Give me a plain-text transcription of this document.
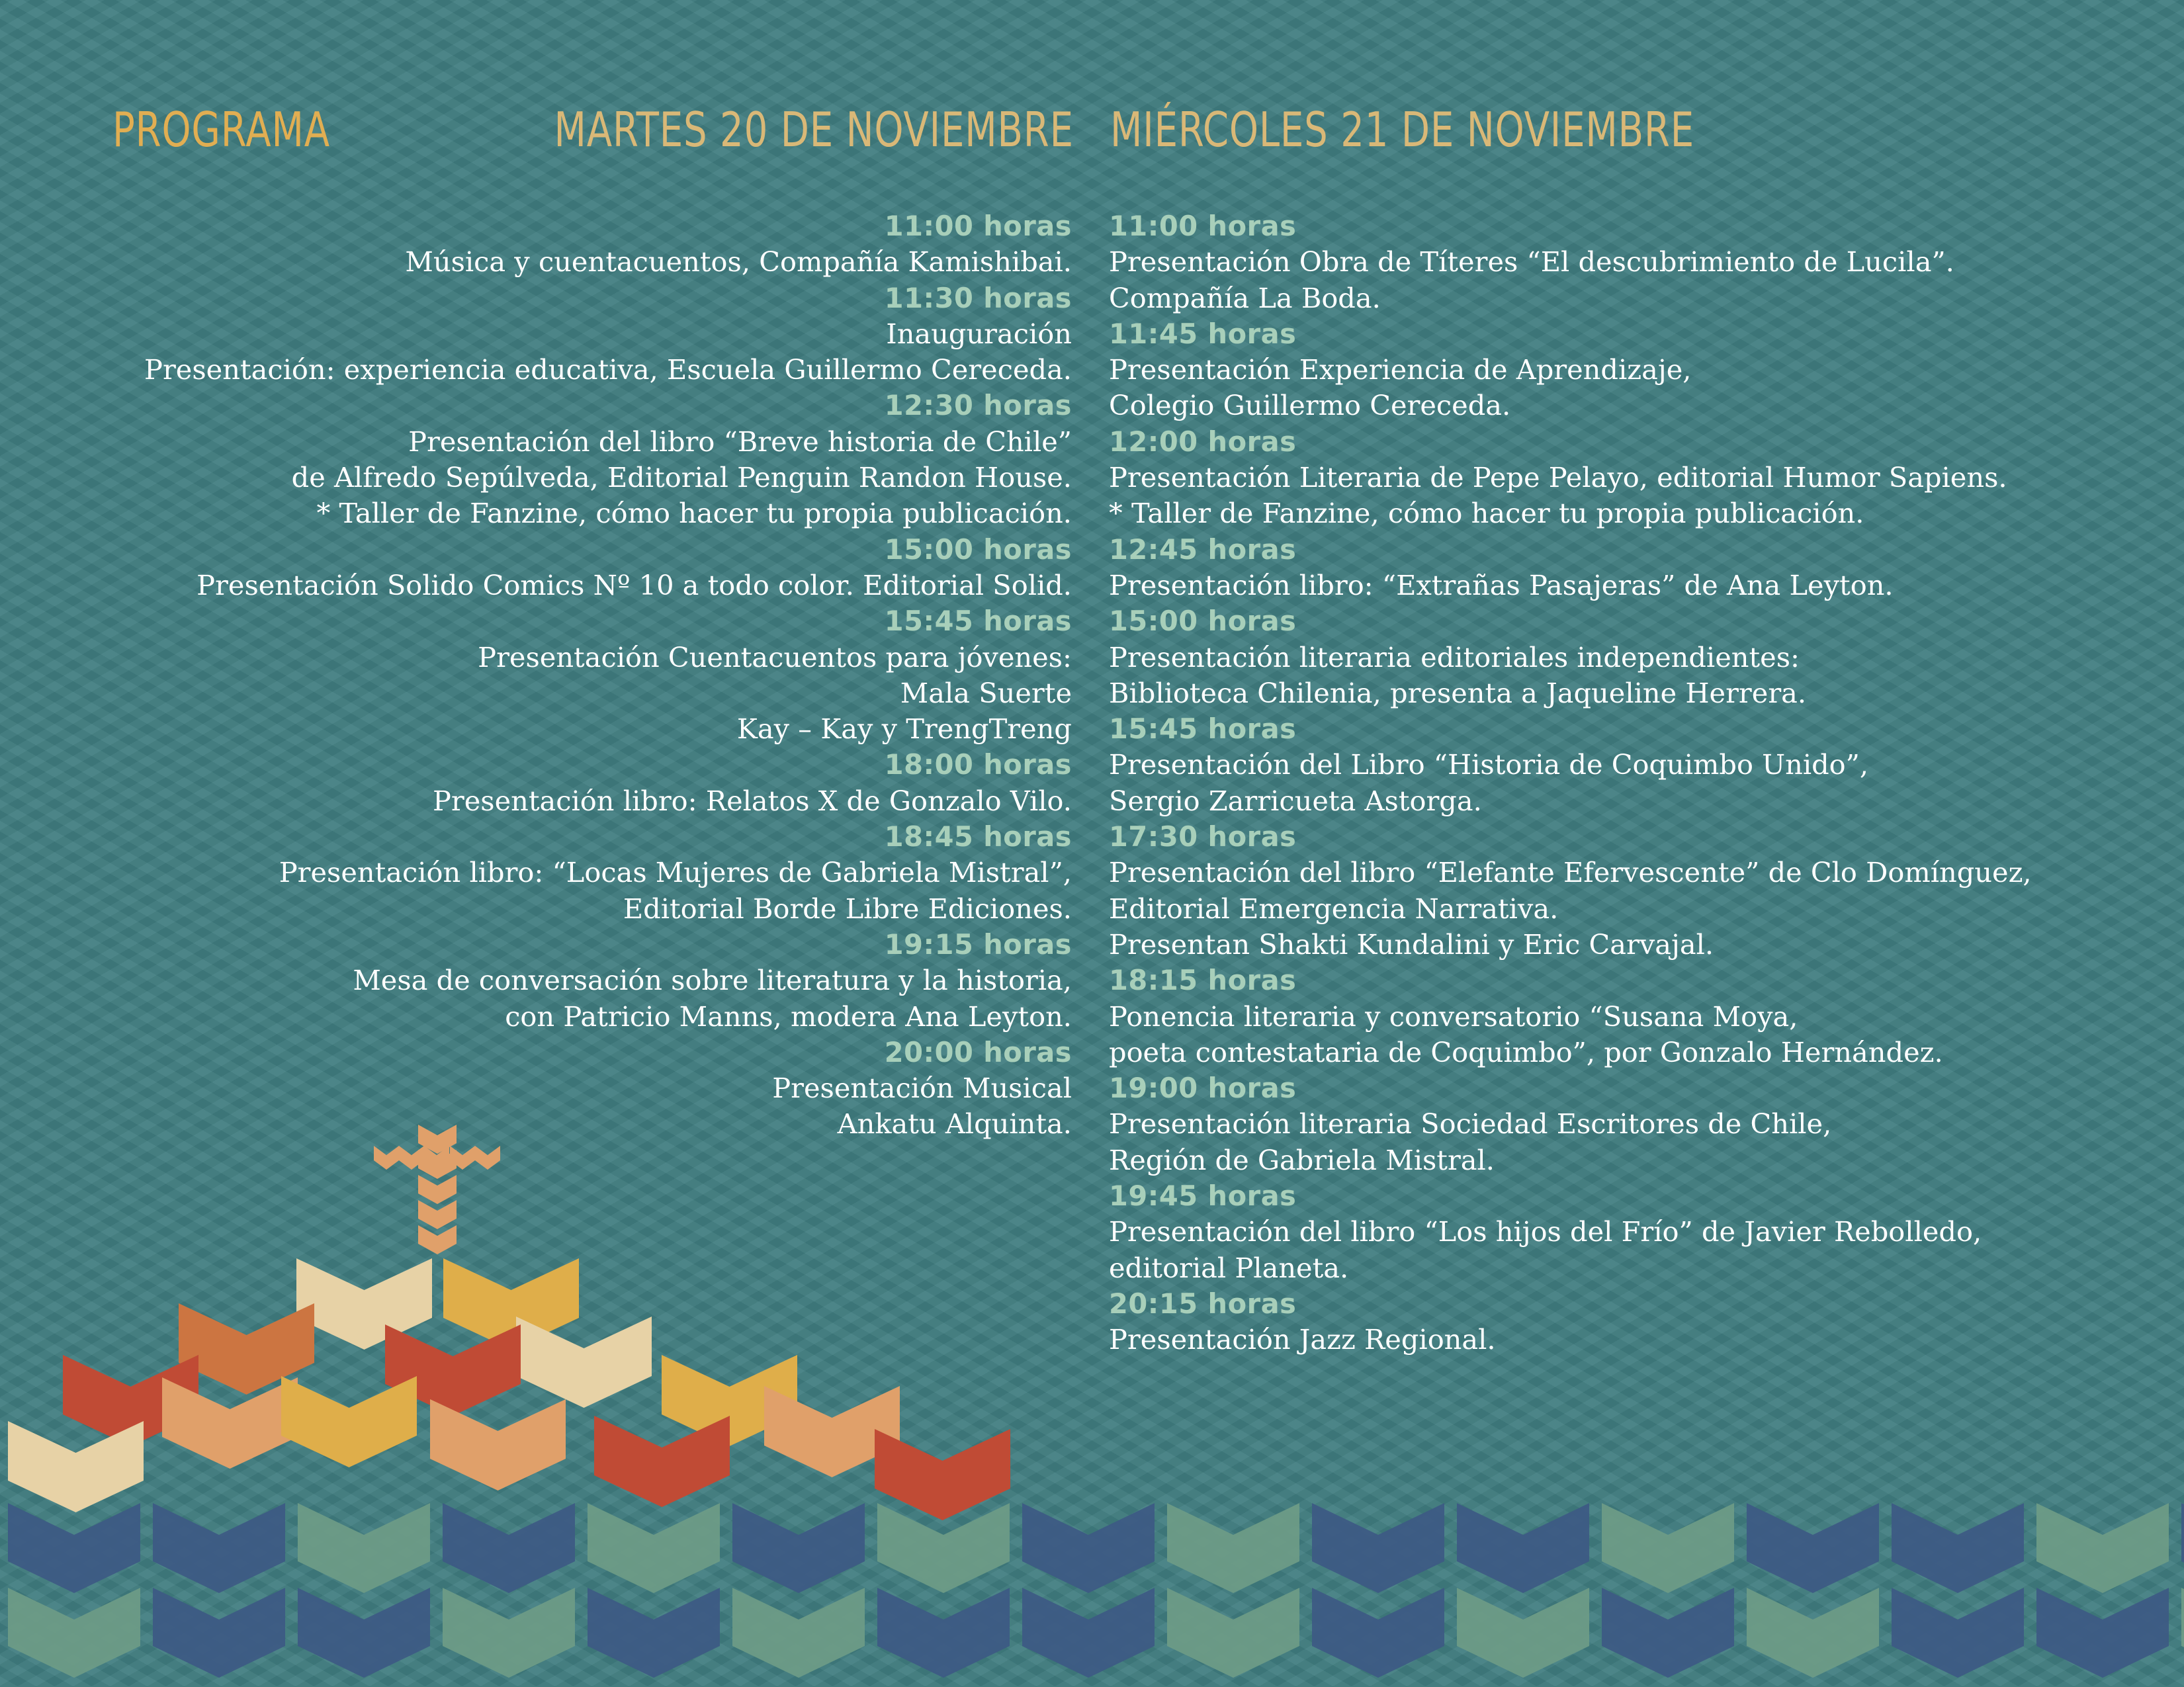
PROGRAMA	MARTES 20 DE NOVIEMBRE MIÉRCOLES 21 DE NOVIEMBRE
11:00 horas
Música y cuentacuentos, Compañía Kamishibai.
11:30 horas
Inauguración
Presentación: experiencia educativa, Escuela Guillermo Cereceda.
12:30 horas
Presentación del libro “Breve historia de Chile”
de Alfredo Sepúlveda, Editorial Penguin Randon House.
* Taller de Fanzine, cómo hacer tu propia publicación.
15:00 horas
Presentación Solido Comics Nº 10 a todo color. Editorial Solid.
15:45 horas
Presentación Cuentacuentos para jóvenes:
Mala Suerte
Kay – Kay y TrengTreng
18:00 horas
Presentación libro: Relatos X de Gonzalo Vilo.
18:45 horas
Presentación libro: “Locas Mujeres de Gabriela Mistral”,
Editorial Borde Libre Ediciones.
19:15 horas
Mesa de conversación sobre literatura y la historia,
con Patricio Manns, modera Ana Leyton.
20:00 horas
Presentación Musical
Ankatu Alquinta.
11:00 horas
Presentación Obra de Títeres “El descubrimiento de Lucila”.
Compañía La Boda.
11:45 horas
Presentación Experiencia de Aprendizaje,
Colegio Guillermo Cereceda.
12:00 horas
Presentación Literaria de Pepe Pelayo, editorial Humor Sapiens.
* Taller de Fanzine, cómo hacer tu propia publicación.
12:45 horas
Presentación libro: “Extrañas Pasajeras” de Ana Leyton.
15:00 horas
Presentación literaria editoriales independientes:
Biblioteca Chilenia, presenta a Jaqueline Herrera.
15:45 horas
Presentación del Libro “Historia de Coquimbo Unido”,
Sergio Zarricueta Astorga.
17:30 horas
Presentación del libro “Elefante Efervescente” de Clo Domínguez,
Editorial Emergencia Narrativa.
Presentan Shakti Kundalini y Eric Carvajal.
18:15 horas
Ponencia literaria y conversatorio “Susana Moya,
poeta contestataria de Coquimbo”, por Gonzalo Hernández.
19:00 horas
Presentación literaria Sociedad Escritores de Chile,
Región de Gabriela Mistral.
19:45 horas
Presentación del libro “Los hijos del Frío” de Javier Rebolledo,
editorial Planeta.
20:15 horas
Presentación Jazz Regional.
